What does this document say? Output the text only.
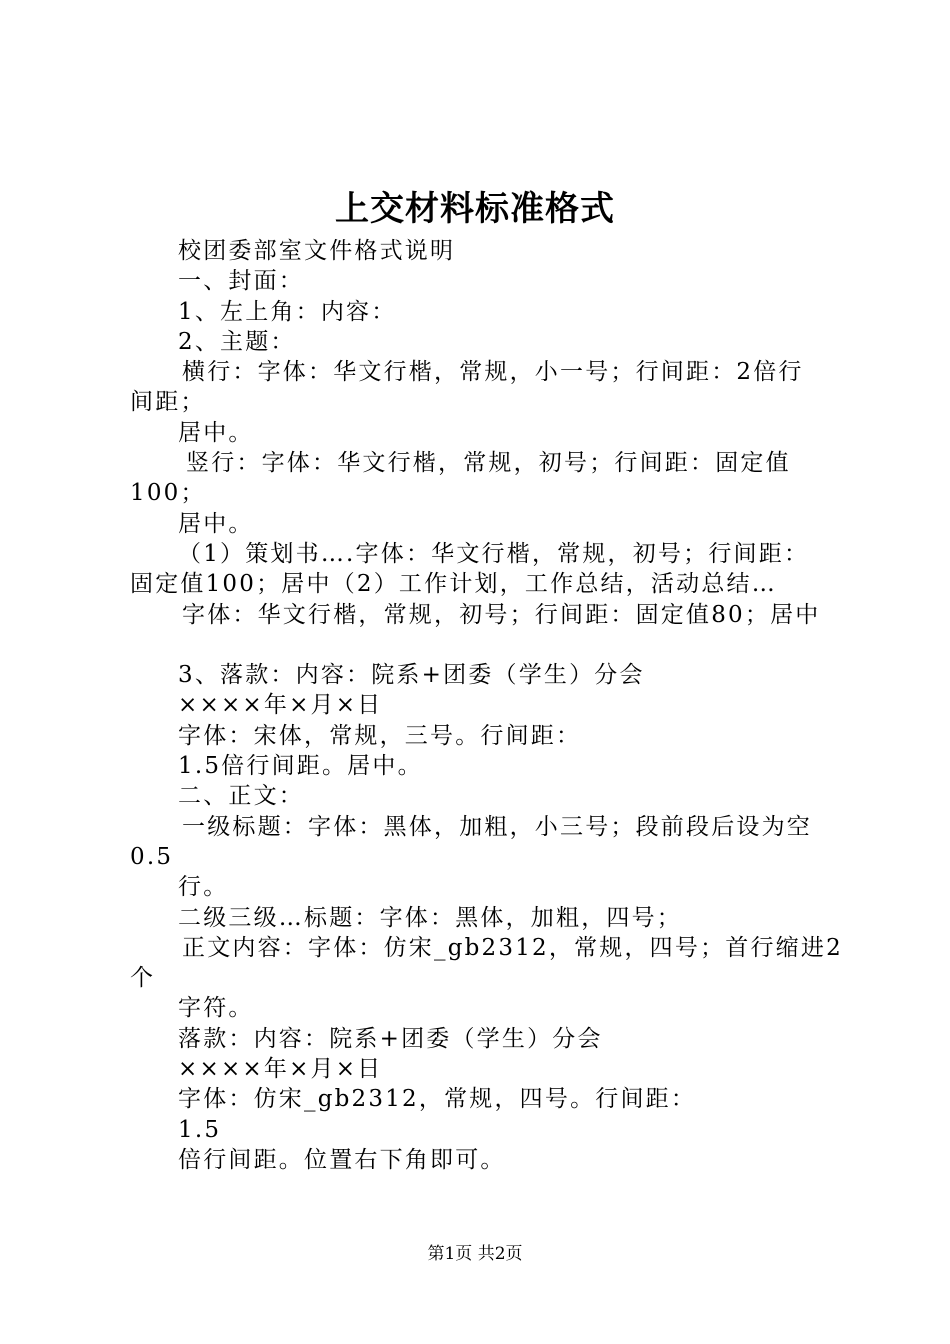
上交材料标准格式

校团委部室文件格式说明

一、封面：

1、左上角：内容：

2、主题：

横行：字体：华文行楷，常规，小一号；行间距：2倍行

间距；

居中。

竖行：字体：华文行楷，常规，初号；行间距：固定值

100；

居中。

（1）策划书….字体：华文行楷，常规，初号；行间距：

固定值100；居中（2）工作计划，工作总结，活动总结…

字体：华文行楷，常规，初号；行间距：固定值80；居中

3、落款：内容：院系+团委（学生）分会

××××年×月×日

字体：宋体，常规，三号。行间距：

1.5倍行间距。居中。

二、正文：

一级标题：字体：黑体，加粗，小三号；段前段后设为空

0.5

行。

二级三级…标题：字体：黑体，加粗，四号；

正文内容：字体：仿宋_gb2312，常规，四号；首行缩进2

个

字符。

落款：内容：院系+团委（学生）分会

××××年×月×日

字体：仿宋_gb2312，常规，四号。行间距：

1.5

倍行间距。位置右下角即可。

第1页 共2页
